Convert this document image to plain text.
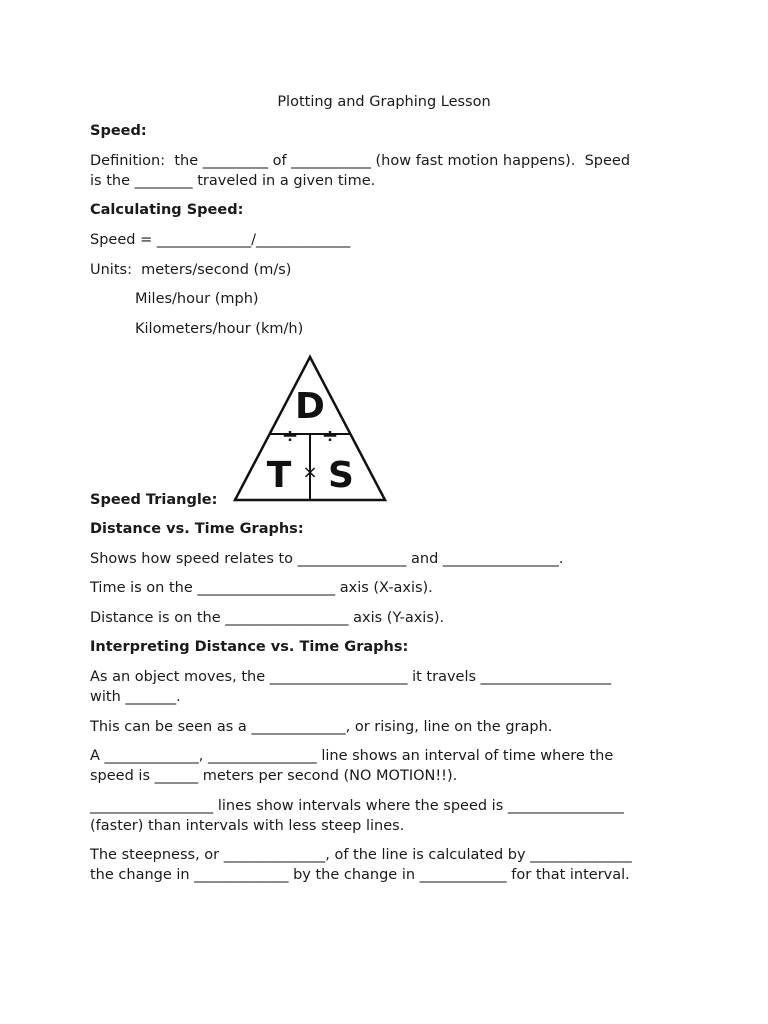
Plotting and Graphing Lesson
Speed:
Definition:  the _________ of ___________ (how fast motion happens).  Speed
is the ________ traveled in a given time.
Calculating Speed:
Speed = _____________/_____________
Units:  meters/second (m/s)
Miles/hour (mph)
Kilometers/hour (km/h)
D
÷ ÷
T × S
Speed Triangle:
Distance vs. Time Graphs:
Shows how speed relates to _______________ and ________________.
Time is on the ___________________ axis (X-axis).
Distance is on the _________________ axis (Y-axis).
Interpreting Distance vs. Time Graphs:
As an object moves, the ___________________ it travels __________________
with _______.
This can be seen as a _____________, or rising, line on the graph.
A _____________, _______________ line shows an interval of time where the
speed is ______ meters per second (NO MOTION!!).
_________________ lines show intervals where the speed is ________________
(faster) than intervals with less steep lines.
The steepness, or ______________, of the line is calculated by ______________
the change in _____________ by the change in ____________ for that interval.
